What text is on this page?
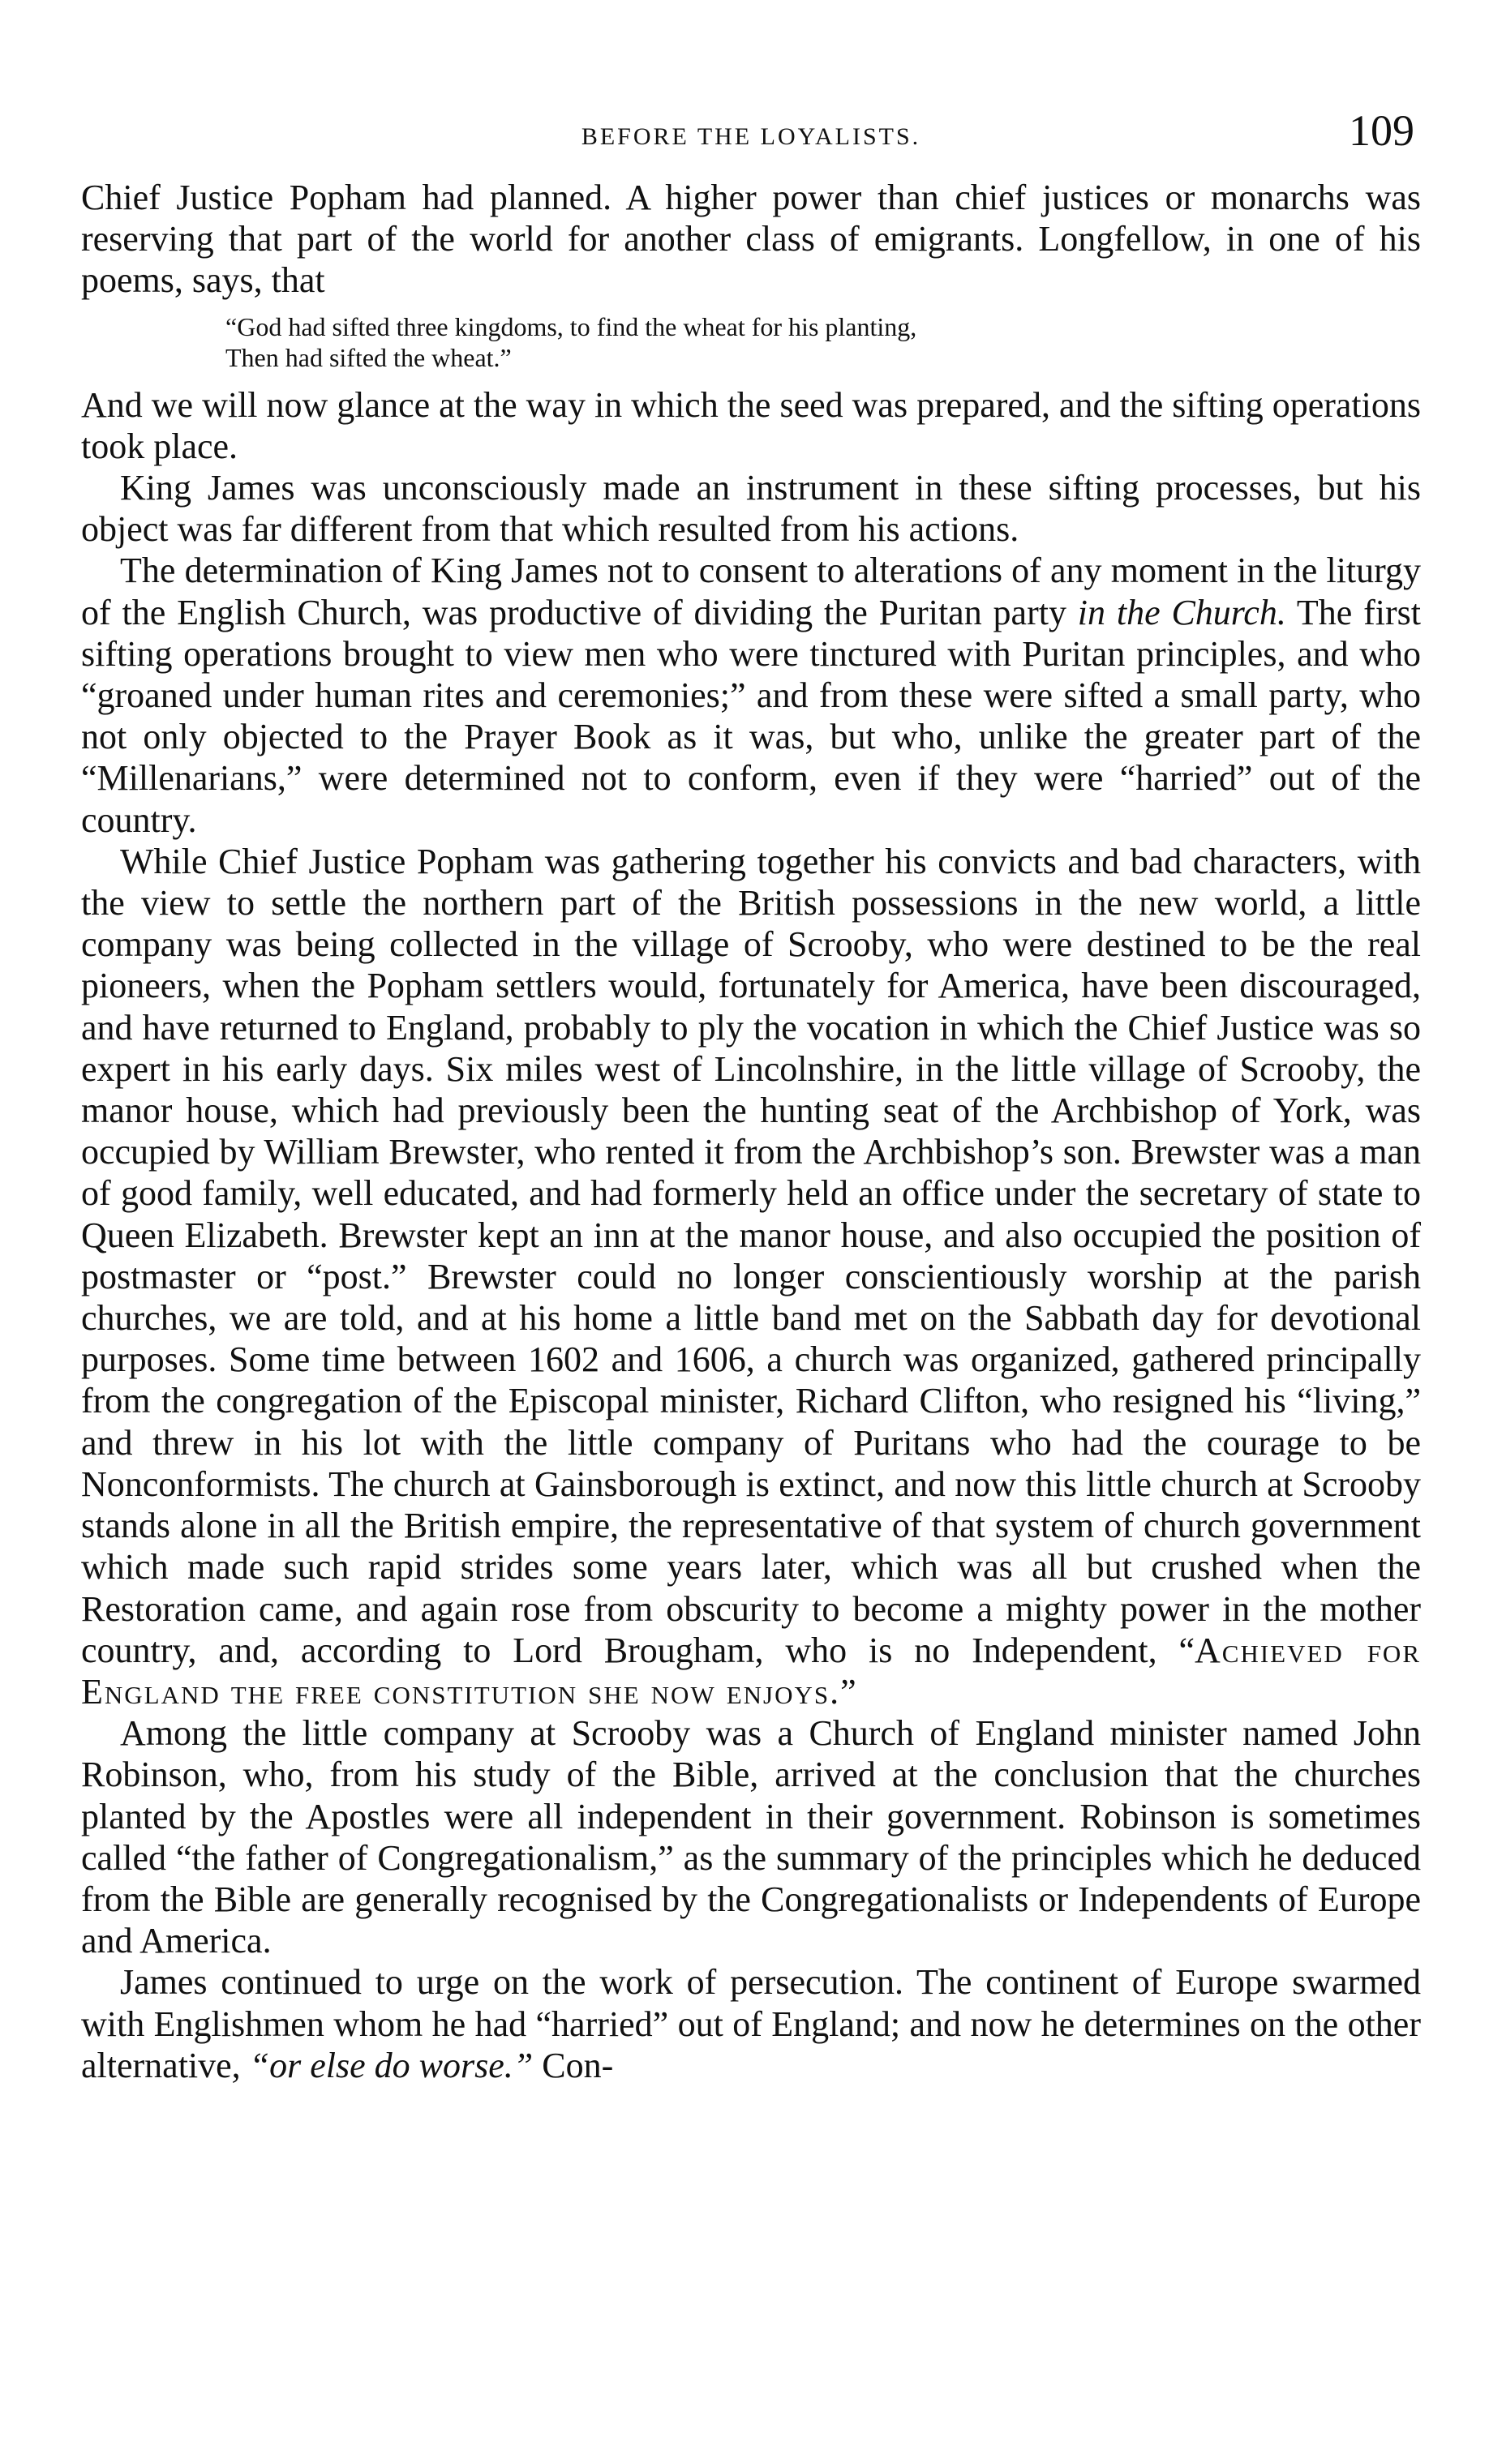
BEFORE THE LOYALISTS.	109

Chief Justice Popham had planned. A higher power than chief justices or monarchs was reserving that part of the world for another class of emigrants. Longfellow, in one of his poems, says, that

“God had sifted three kingdoms, to find the wheat for his planting,
Then had sifted the wheat.”

And we will now glance at the way in which the seed was prepared, and the sifting operations took place.

King James was unconsciously made an instrument in these sifting processes, but his object was far different from that which resulted from his actions.

The determination of King James not to consent to alterations of any moment in the liturgy of the English Church, was productive of dividing the Puritan party in the Church. The first sifting operations brought to view men who were tinctured with Puritan principles, and who “groaned under human rites and ceremonies;” and from these were sifted a small party, who not only objected to the Prayer Book as it was, but who, unlike the greater part of the “Millenarians,” were determined not to conform, even if they were “harried” out of the country.

While Chief Justice Popham was gathering together his convicts and bad characters, with the view to settle the northern part of the British possessions in the new world, a little company was being collected in the village of Scrooby, who were destined to be the real pioneers, when the Popham settlers would, fortunately for America, have been discouraged, and have returned to England, probably to ply the vocation in which the Chief Justice was so expert in his early days. Six miles west of Lincolnshire, in the little village of Scrooby, the manor house, which had previously been the hunting seat of the Archbishop of York, was occupied by William Brewster, who rented it from the Archbishop’s son. Brewster was a man of good family, well educated, and had formerly held an office under the secretary of state to Queen Elizabeth. Brewster kept an inn at the manor house, and also occupied the position of postmaster or “post.” Brewster could no longer conscientiously worship at the parish churches, we are told, and at his home a little band met on the Sabbath day for devotional purposes. Some time between 1602 and 1606, a church was organized, gathered principally from the congregation of the Episcopal minister, Richard Clifton, who resigned his “living,” and threw in his lot with the little company of Puritans who had the courage to be Nonconformists. The church at Gainsborough is extinct, and now this little church at Scrooby stands alone in all the British empire, the representative of that system of church government which made such rapid strides some years later, which was all but crushed when the Restoration came, and again rose from obscurity to become a mighty power in the mother country, and, according to Lord Brougham, who is no Independent, “Achieved for England the free constitution she now enjoys.”

Among the little company at Scrooby was a Church of England minister named John Robinson, who, from his study of the Bible, arrived at the conclusion that the churches planted by the Apostles were all independent in their government. Robinson is sometimes called “the father of Congregationalism,” as the summary of the principles which he deduced from the Bible are generally recognised by the Congregationalists or Independents of Europe and America.

James continued to urge on the work of persecution. The continent of Europe swarmed with Englishmen whom he had “harried” out of England; and now he determines on the other alternative, “or else do worse.” Con-
